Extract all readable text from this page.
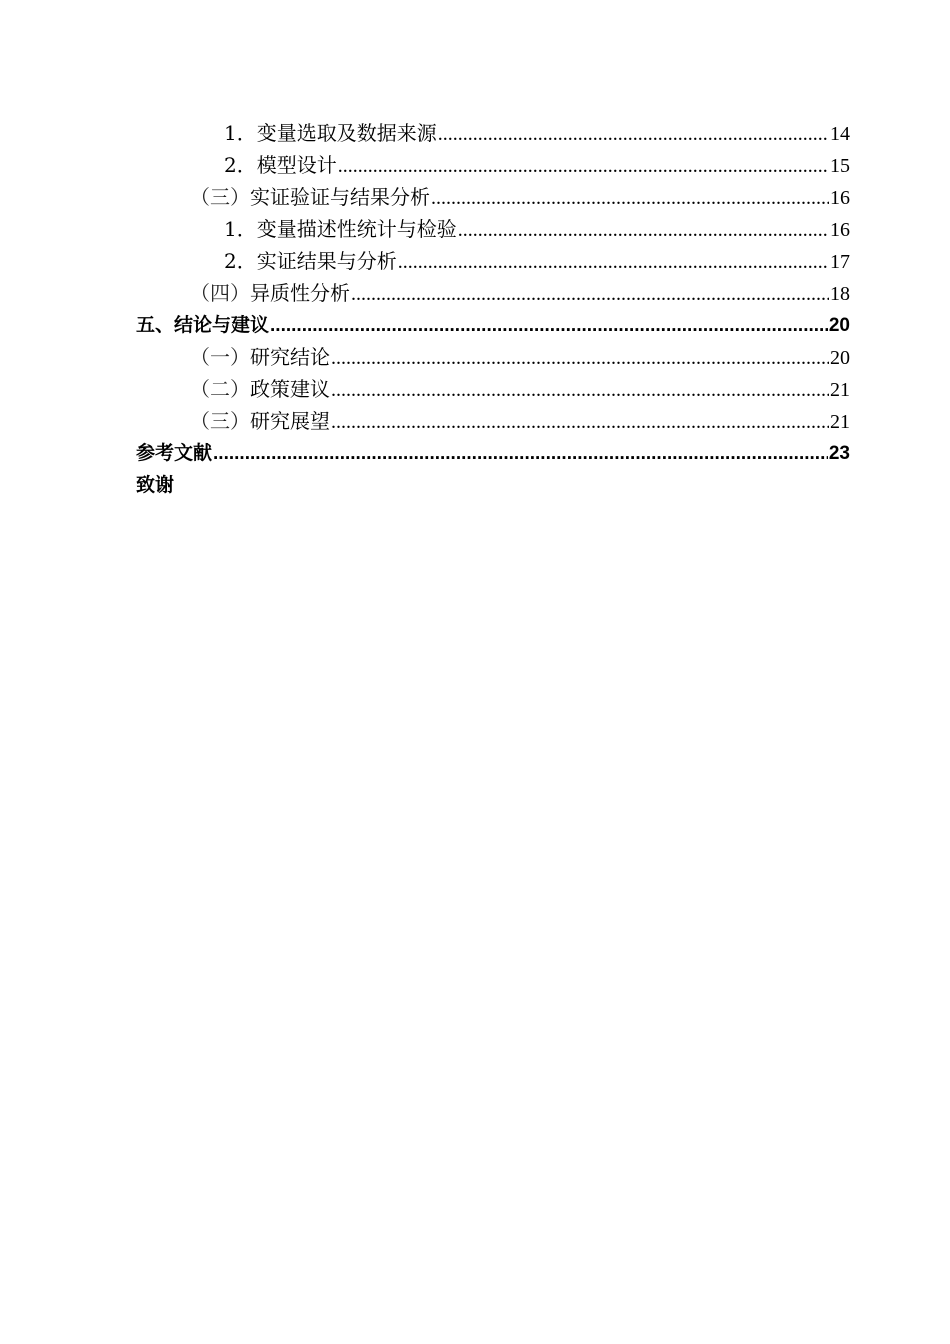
1． 变量选取及数据来源 .....	14
2． 模型设计 .....	15
（三） 实证验证与结果分析 .....	16
1． 变量描述性统计与检验 .....	16
2． 实证结果与分析 .....	17
（四） 异质性分析 .....	18
五、 结论与建议 .....	20
（一） 研究结论 .....	20
（二） 政策建议 .....	21
（三） 研究展望 .....	21
参考文献 .....	23
致谢
